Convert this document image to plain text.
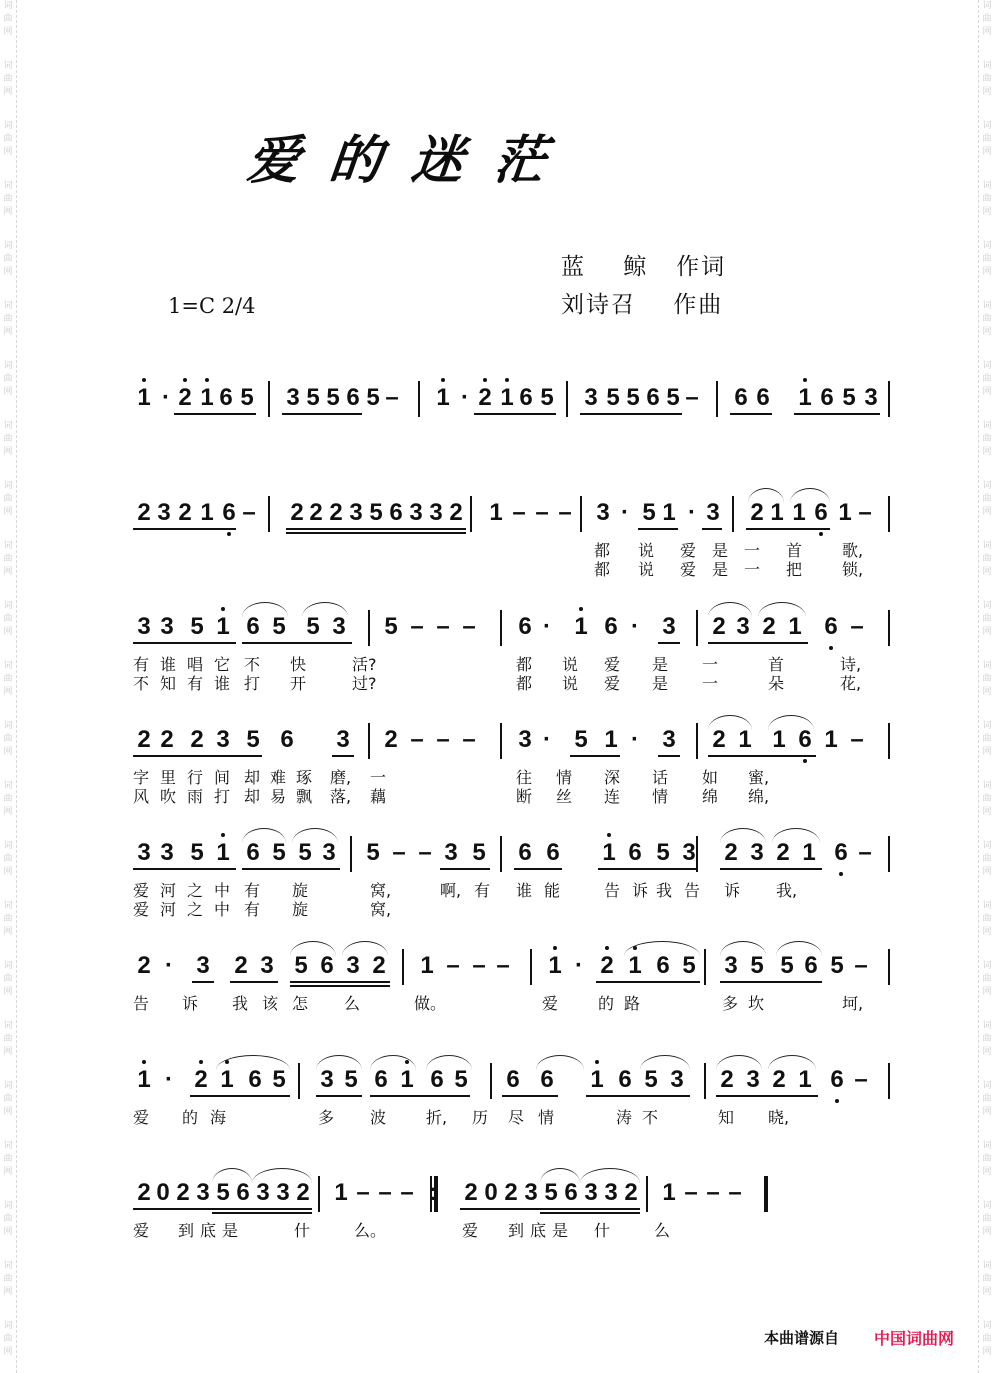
词
曲
网
词
曲
网
词
曲
网
词
曲
网
词
曲
网
词
曲
网
词
曲
网
词
曲
网
词
曲
网
词
曲
网
词
曲
网
词
曲
网
词
曲
网
词
曲
网
词
曲
网
词
曲
网
词
曲
网
词
曲
网
词
曲
网
词
曲
网
词
曲
网
词
曲
网
词
曲
网
词
曲
网
词
曲
网
词
曲
网
词
曲
网
词
曲
网
词
曲
网
词
曲
网
词
曲
网
词
曲
网
词
曲
网
词
曲
网
词
曲
网
词
曲
网
词
曲
网
词
曲
网
词
曲
网
词
曲
网
词
曲
网
词
曲
网
词
曲
网
词
曲
网
词
曲
网
词
曲
网
爱的迷茫
蓝    鲸   作词
刘诗召    作曲
1=C 2/4
1 · 2 1 6 5 3 5 5 6 5 – 1 · 2 1 6 5 3 5 5 6 5 – 6 6 1 6 5 3
2 3 2 1 6 – 2 2 2 3 5 6 3 3 2 1 – – – 3 · 5 1 · 3 2 1 1 6 1 –
都 说 爱 是 一 首 歌,
都 说 爱 是 一 把 锁,
3 3 5 1 6 5 5 3 5 – – – 6 · 1 6 · 3 2 3 2 1 6 –
有 谁 唱 它 不 快	活?	都 说 爱 是 一	首	诗,
不 知 有 谁 打 开	过?	都 说 爱 是 一	朵	花,
2 2 2 3 5 6 3 2 – – – 3 · 5 1 · 3 2 1 1 6 1 –
字 里 行 间 却 难 琢 磨, 一	往 情 深 话 如 蜜,
风 吹 雨 打 却 易 飘 落, 藕	断 丝 连 情 绵 绵,
3 3 5 1 6 5 5 3 5 – – 3 5 6 6 1 6 5 3 2 3 2 1 6 –
爱 河 之 中 有 旋	窝,	啊, 有 谁 能	告 诉 我 告 诉 我,
爱 河 之 中 有 旋	窝,
2 · 3 2 3 5 6 3 2 1 – – – 1 · 2 1 6 5 3 5 5 6 5 –
告 诉 我 该 怎 么	做。	爱 的 路	多 坎	坷,
1 · 2 1 6 5 3 5 6 1 6 5 6 6 1 6 5 3 2 3 2 1 6 –
爱 的 海	多 波 折, 历 尽 情	涛 不	知 晓,
2 0 2 3 5 6 3 3 2 1 – – – : 2 0 2 3 5 6 3 3 2 1 – – –
爱 到 底 是	什	么。	爱 到 底 是 什	么
本曲谱源自 中国词曲网
